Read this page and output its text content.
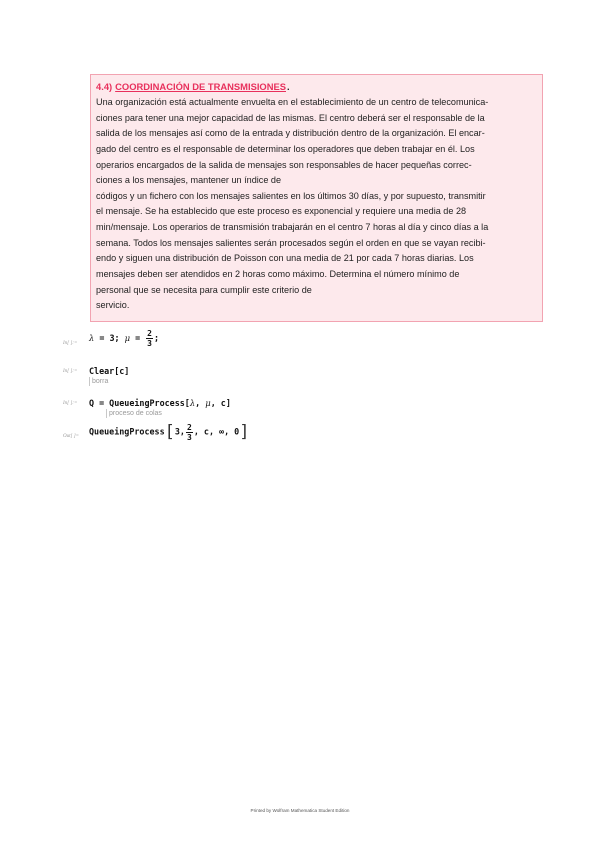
4.4) COORDINACIÓN DE TRANSMISIONES.
Una organización está actualmente envuelta en el establecimiento de un centro de telecomunica-
ciones para tener una mejor capacidad de las mismas. El centro deberá ser el responsable de la
salida de los mensajes así como de la entrada y distribución dentro de la organización. El encar-
gado del centro es el responsable de determinar los operadores que deben trabajar en él. Los
operarios encargados de la salida de mensajes son responsables de hacer pequeñas correc-
ciones a los mensajes, mantener un índice de
códigos y un fichero con los mensajes salientes en los últimos 30 días, y por supuesto, transmitir
el mensaje. Se ha establecido que este proceso es exponencial y requiere una media de 28
min/mensaje. Los operarios de transmisión trabajarán en el centro 7 horas al día y cinco días a la
semana. Todos los mensajes salientes serán procesados según el orden en que se vayan recibi-
endo y siguen una distribución de Poisson con una media de 21 por cada 7 horas diarias. Los
mensajes deben ser atendidos en 2 horas como máximo. Determina el número mínimo de
personal que se necesita para cumplir este criterio de
servicio.
In[ ]:=
λ = 3; $\mu = \frac{2}{3}$ ;
In[ ]:= Clear[c]
borra
In[ ]:= Q = QueueingProcess[λ, μ, c]
proceso de colas
Out[ ]= QueueingProcess[3, $\frac{2}{3}$ , c, ∞, 0]
Printed by Wolfram Mathematica Student Edition
